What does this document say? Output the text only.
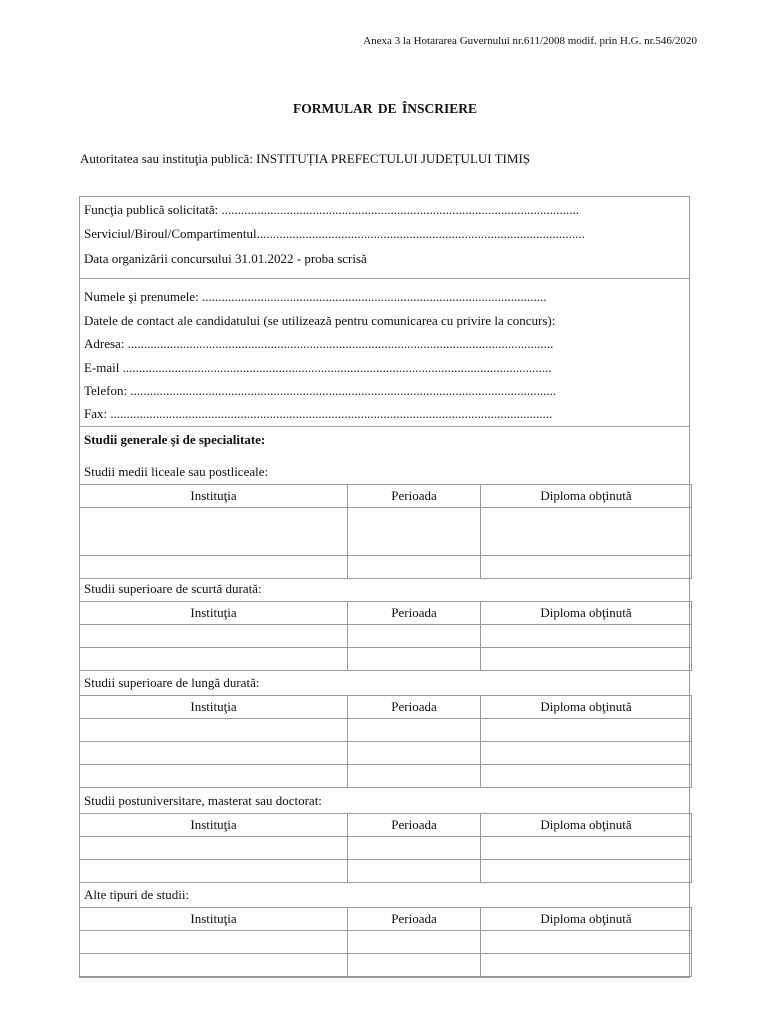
Anexa 3 la Hotararea Guvernului nr.611/2008 modif. prin H.G. nr.546/2020
FORMULAR DE ÎNSCRIERE
Autoritatea sau instituţia publică: INSTITUȚIA PREFECTULUI JUDEȚULUI TIMIȘ
Funcţia publică solicitată: ..............................................................................................................
Serviciul/Biroul/Compartimentul.....................................................................................................
Data organizării concursului 31.01.2022 - proba scrisă
Numele şi prenumele: ..........................................................................................................
Datele de contact ale candidatului (se utilizează pentru comunicarea cu privire la concurs):
Adresa: ...................................................................................................................................
E-mail ....................................................................................................................................
Telefon: ...................................................................................................................................
Fax: ........................................................................................................................................
Studii generale şi de specialitate:
Studii medii liceale sau postliceale:
Instituţia	Perioada	Diploma obţinută

Studii superioare de scurtă durată:
Instituţia	Perioada	Diploma obţinută

Studii superioare de lungă durată:
Instituţia	Perioada	Diploma obţinută

Studii postuniversitare, masterat sau doctorat:
Instituţia	Perioada	Diploma obţinută

Alte tipuri de studii:
Instituţia	Perioada	Diploma obţinută
